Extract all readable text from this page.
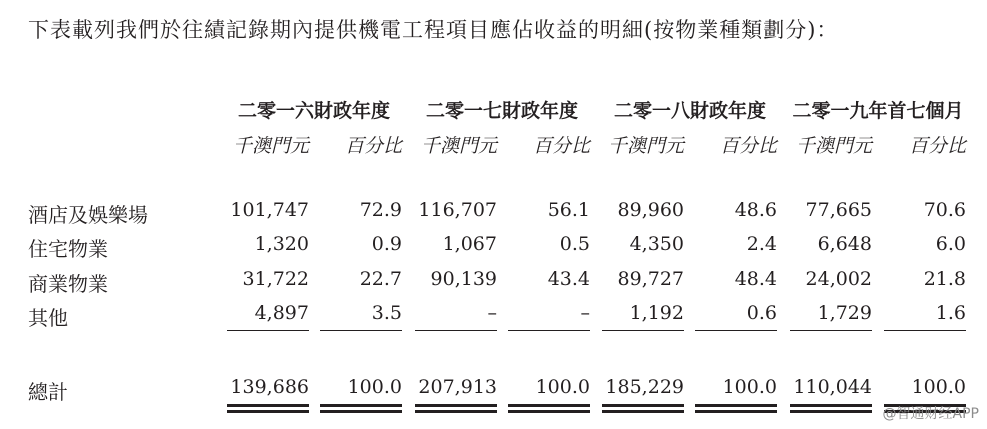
下表載列我們於往績記錄期內提供機電工程項目應佔收益的明細(按物業種類劃分)：
二零一六財政年度
千澳門元	百分比
二零一七財政年度
千澳門元	百分比
二零一八財政年度
千澳門元	百分比
二零一九年首七個月
千澳門元	百分比
酒店及娛樂場	101,747	72.9 116,707	56.1	89,960	48.6	77,665	70.6
住宅物業	1,320	0.9	1,067	0.5	4,350	2.4	6,648	6.0
商業物業	31,722	22.7	90,139	43.4	89,727	48.4	24,002	21.8
其他	4,897	3.5	–	–	1,192	0.6	1,729	1.6
總計	139,686	100.0 207,913	100.0 185,229	100.0 110,044	100.0
@智通财经APP
